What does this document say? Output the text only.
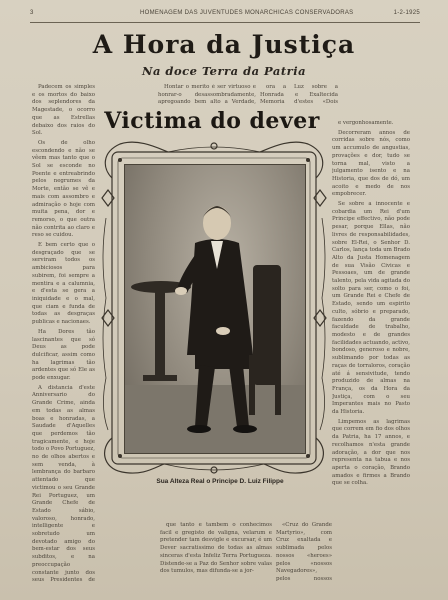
3	HOMENAGEM DAS JUVENTUDES MONARCHICAS CONSERVADORAS	1-2-1925
A Hora da Justiça
Na doce Terra da Patria

Padecem os simples e os mortos do baixo dos seplendores da Magestade, o ocorro que as Estrellas debaixo dos raios do Sol.

Os de olho escondendo e não se vêem mas tanto que o Sol se esconde no Poente e entreabrindo pelos negrumes da Morte, então se vê e mais com assombro e admiração o hoje com muita pena, dor e remorso, o que outra não contrita ao claro e reso se cuidou.

E bem certo que o desgraçado que se serviram todos os ambiciosos para subirem, foi sempre a mentira e a calumnia, e d'esta se gera a iniquidade e o mal, que ciam e funda de todas as desgraças publicas e nacionaes.

Ha Dores tão lascinantes que só Deus as pode dulcificar, assim como ha lagrimas tão ardentes que só Ele as pode enxugar.

A distancia d'este Anniversario do Grande Crime, ainda em todas as almas boas e honradas, a Saudade d'Aquelles que perdemos tão tragicamente, e hoje todo o Povo Portuguez, no de olhos abertos e sem venda, à lembrança do barbaro attentado que victimou o seu Grande Rei Portuguez, um Grande Chefe de Estado sábio, valoroso, honrado, intelligente e sobretudo um devotado amigo do bem-estar dos seus subditos, e na preoccupação constante junto dos seus Presidentes de

Hontar o merito é ser virtuoso e honrar-o desassombradamente, apregoando bem alto a Verdade,

ora a Luz sobre a Honrada e Exaltecida Memoria d'estes «Dois

Victima do dever	e vergonhosamente.

Decorreram annos de corridas sobre nós, como um accumulo de angustias, provações e dor, tudo se torna mal, visto a julgamento isento e na Historia, que dos de dó, um acoito e medo de nos empobrecer.

Se sobre a innocente e cobardia um Rei d'um Principe effectivo, não pode pesar, porque Ellas, não livres de responsabilidades, sobre El-Rei, o Senhor D. Carlos, lança toda um Brado Alto da Justa Homenagem de sua Visão Civicas e Pessoaes, um de grande talento, pela vida agitada do solto para ser, como o foi, um Grande Rei e Chefe de Estado, sendo um espirito culto, sóbrio e preparado, fazendo da grande faculdade de trabalho, modesto e de grandes facilidades actuando, activo, bondoso, generoso e nobre, sublimando por todas as raças de torraloros, coração até á sensivitude, tendo produzido de almas na França, os da Hora da Justiça, com o seu Imperantes mais no Pasto da Historia.

Limpemos as lagrimas que correm em fio dos olhos da Patria, ha 17 annos, e recolhamos n'esta grande adoração, a dor que nos representa na tabua e nos aperta o coração, Brando amados e firmes a Brando que se colha.

Sua Alteza Real o Principe D. Luiz Filippe

que tanto e tambem o conhecimos facil e gregisto de valigna, velarum e pretender tam desvigle e excursar, é um Dever sacratissimo de todas as almas sinceras d'esta Infeliz Terra Portugueza. Distende-se a Paz do Senhor sobre valas dos tumulos, mas difunda-se a jor-

«Cruz do Grande Martyrio», com Cruz exaltada e sublimada pelos nossos «heroes» pelos «nossos Navegadores», pelos nossos
